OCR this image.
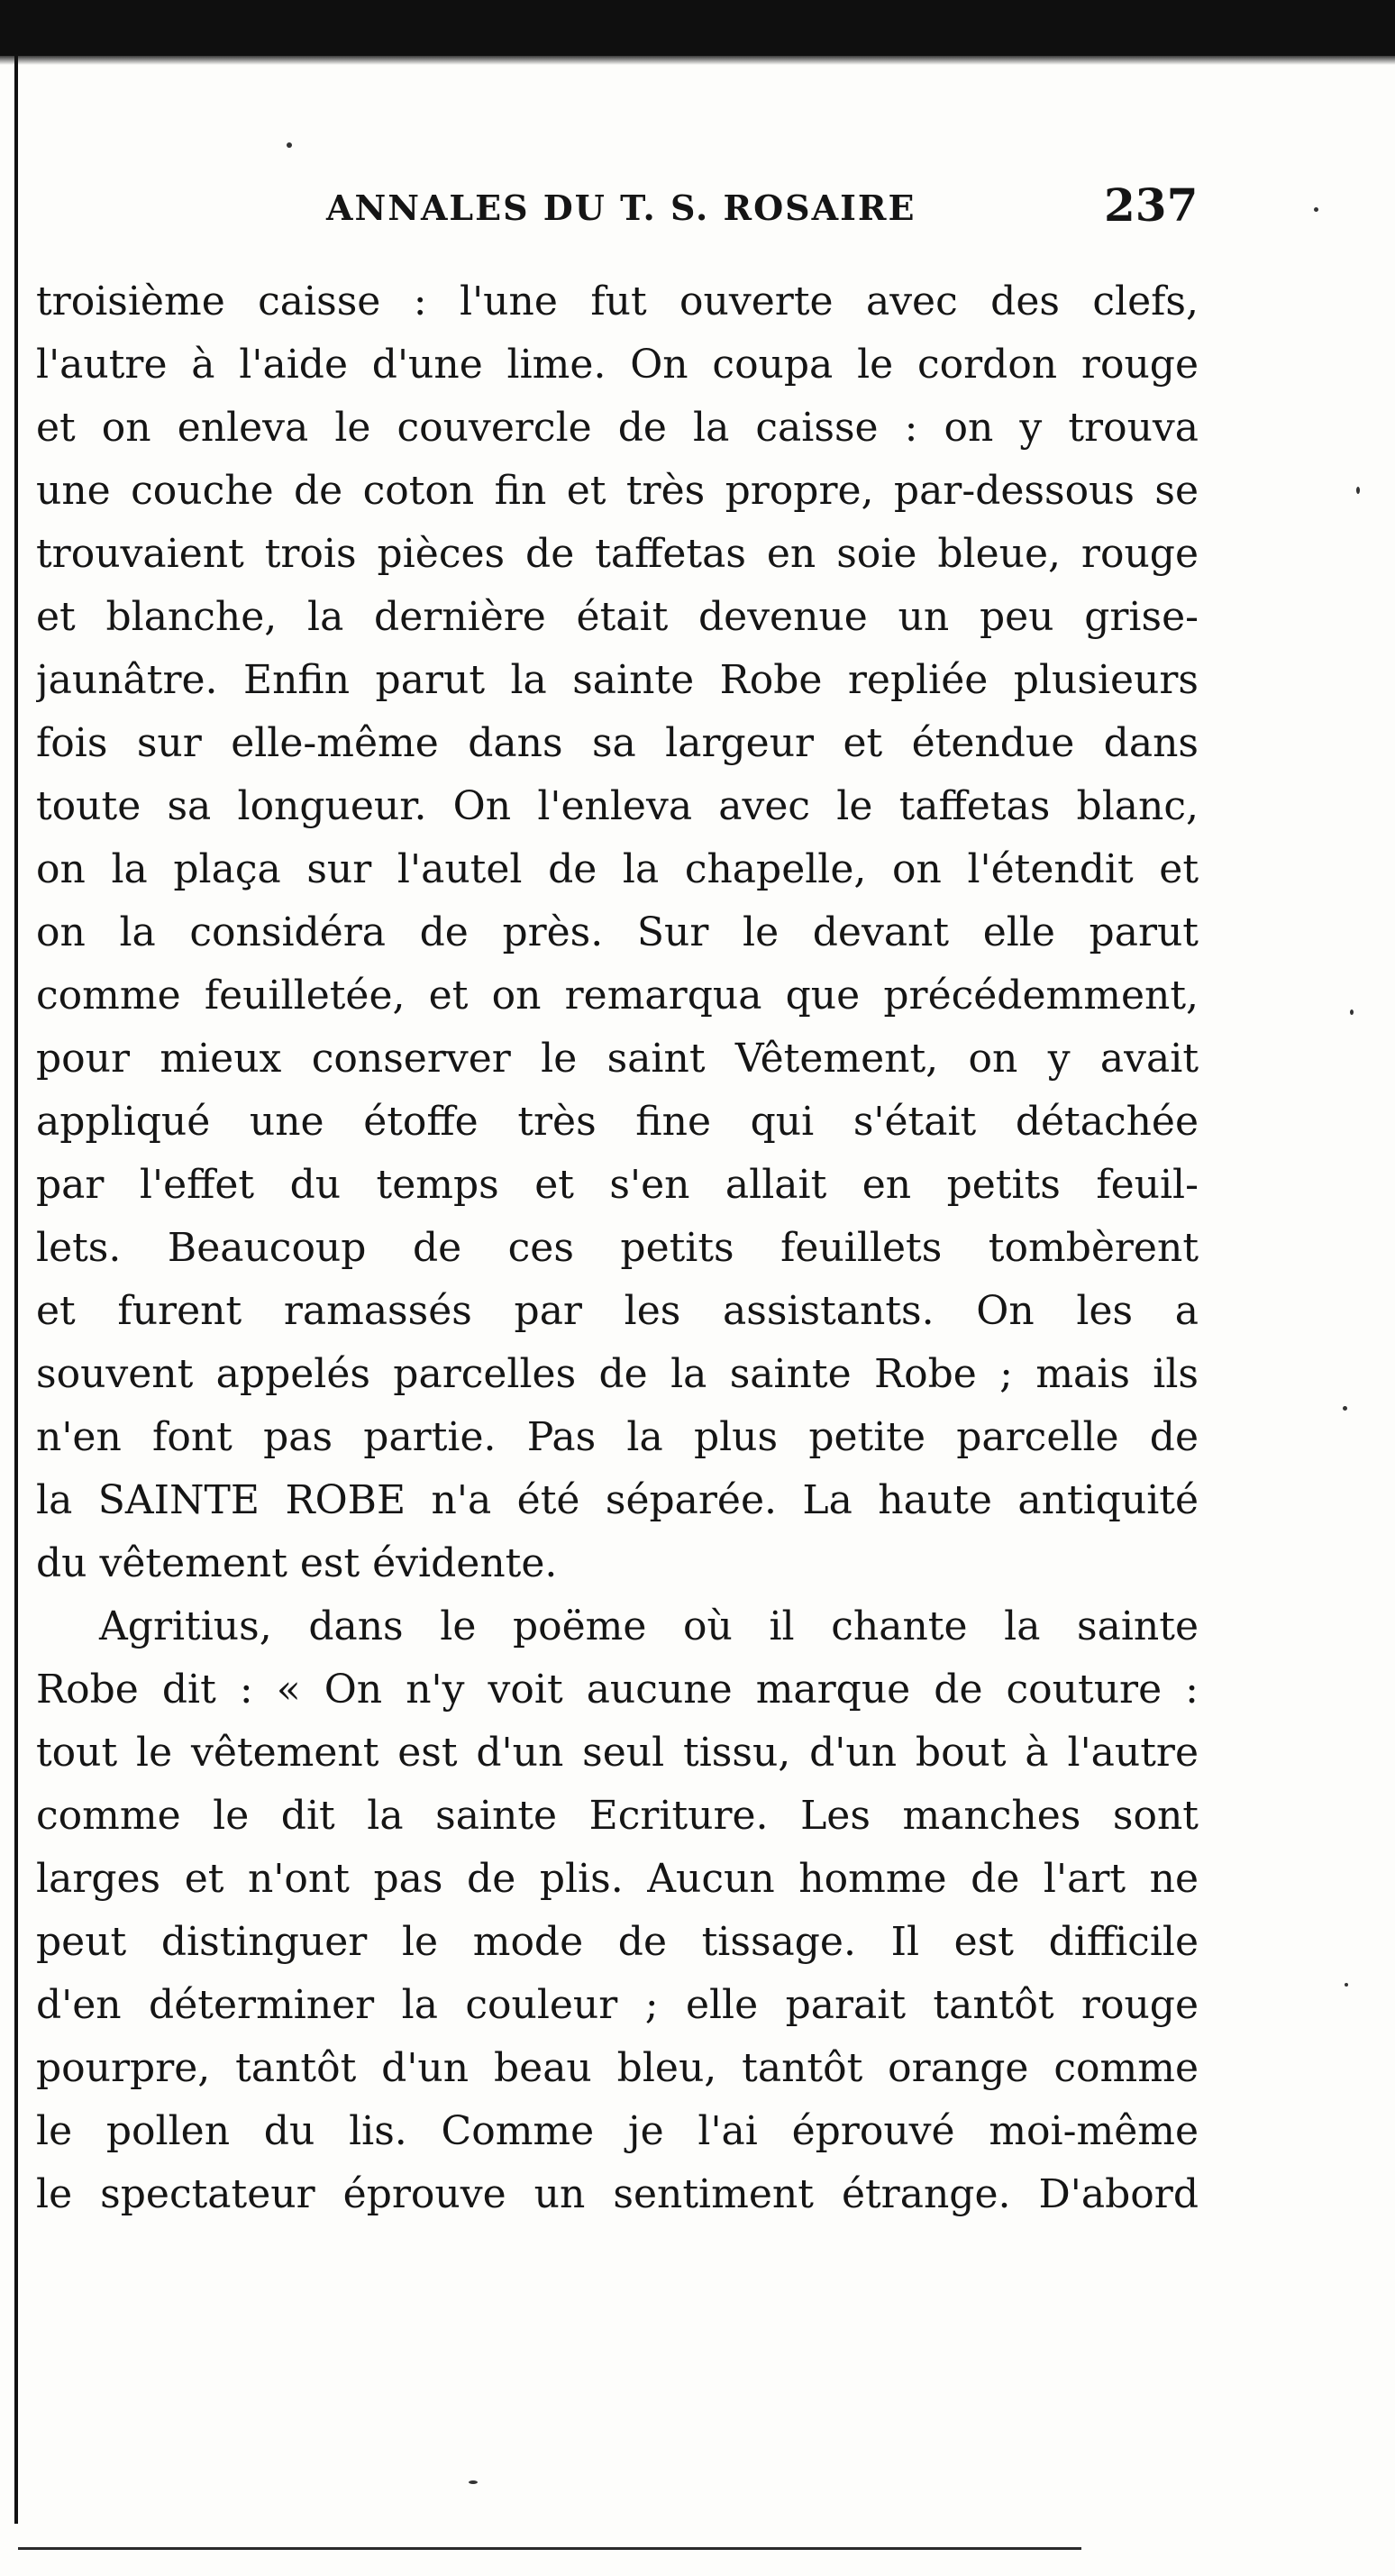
ANNALES DU T. S. ROSAIRE	237
troisième caisse : l'une fut ouverte avec des clefs,
l'autre à l'aide d'une lime. On coupa le cordon rouge
et on enleva le couvercle de la caisse : on y trouva
une couche de coton fin et très propre, par-dessous se
trouvaient trois pièces de taffetas en soie bleue, rouge
et blanche, la dernière était devenue un peu grise-
jaunâtre. Enfin parut la sainte Robe repliée plusieurs
fois sur elle-même dans sa largeur et étendue dans
toute sa longueur. On l'enleva avec le taffetas blanc,
on la plaça sur l'autel de la chapelle, on l'étendit et
on la considéra de près. Sur le devant elle parut
comme feuilletée, et on remarqua que précédemment,
pour mieux conserver le saint Vêtement, on y avait
appliqué une étoffe très fine qui s'était détachée
par l'effet du temps et s'en allait en petits feuil-
lets. Beaucoup de ces petits feuillets tombèrent
et furent ramassés par les assistants. On les a
souvent appelés parcelles de la sainte Robe ; mais ils
n'en font pas partie. Pas la plus petite parcelle de
la SAINTE ROBE n'a été séparée. La haute antiquité
du vêtement est évidente.
Agritius, dans le poëme où il chante la sainte
Robe dit : « On n'y voit aucune marque de couture :
tout le vêtement est d'un seul tissu, d'un bout à l'autre
comme le dit la sainte Ecriture. Les manches sont
larges et n'ont pas de plis. Aucun homme de l'art ne
peut distinguer le mode de tissage. Il est difficile
d'en déterminer la couleur ; elle parait tantôt rouge
pourpre, tantôt d'un beau bleu, tantôt orange comme
le pollen du lis. Comme je l'ai éprouvé moi-même
le spectateur éprouve un sentiment étrange. D'abord
